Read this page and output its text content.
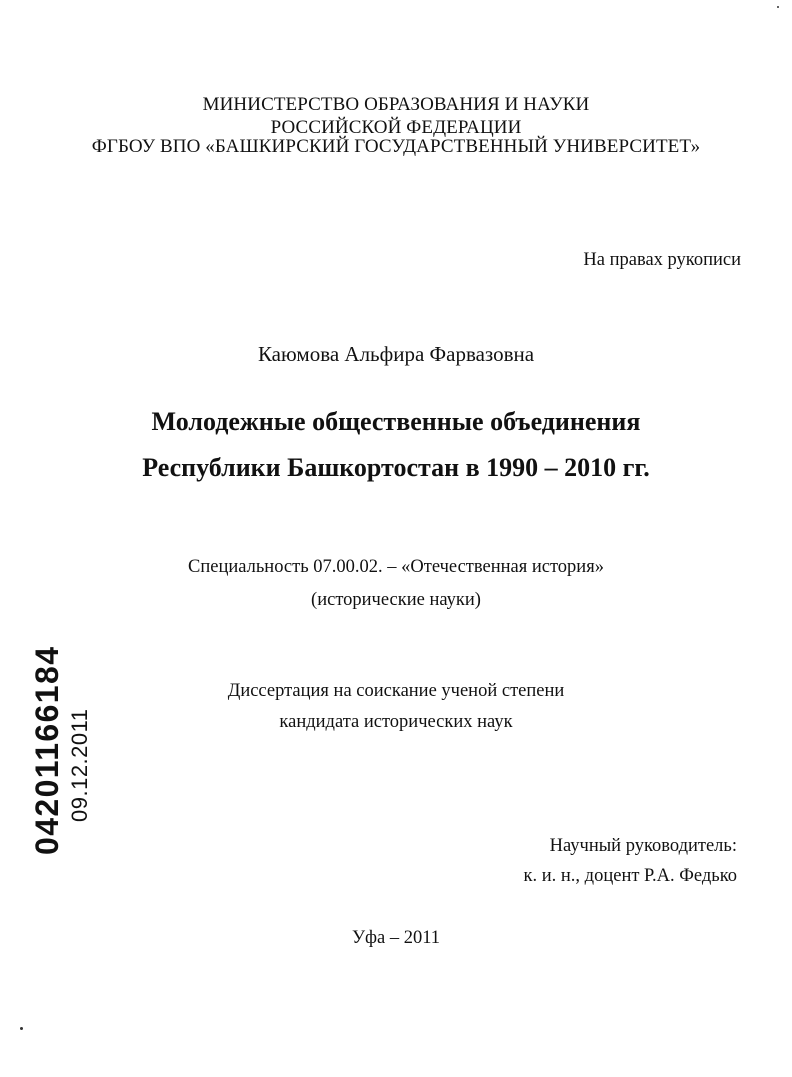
МИНИСТЕРСТВО ОБРАЗОВАНИЯ И НАУКИ
РОССИЙСКОЙ ФЕДЕРАЦИИ
ФГБОУ ВПО «БАШКИРСКИЙ ГОСУДАРСТВЕННЫЙ УНИВЕРСИТЕТ»
На правах рукописи
Каюмова Альфира Фарвазовна
Молодежные общественные объединения
Республики Башкортостан в 1990 – 2010 гг.
Специальность 07.00.02. – «Отечественная история»
(исторические науки)
Диссертация на соискание ученой степени
кандидата исторических наук
Научный руководитель:
к. и. н., доцент Р.А. Федько
Уфа – 2011
04201166184 09.12.2011
